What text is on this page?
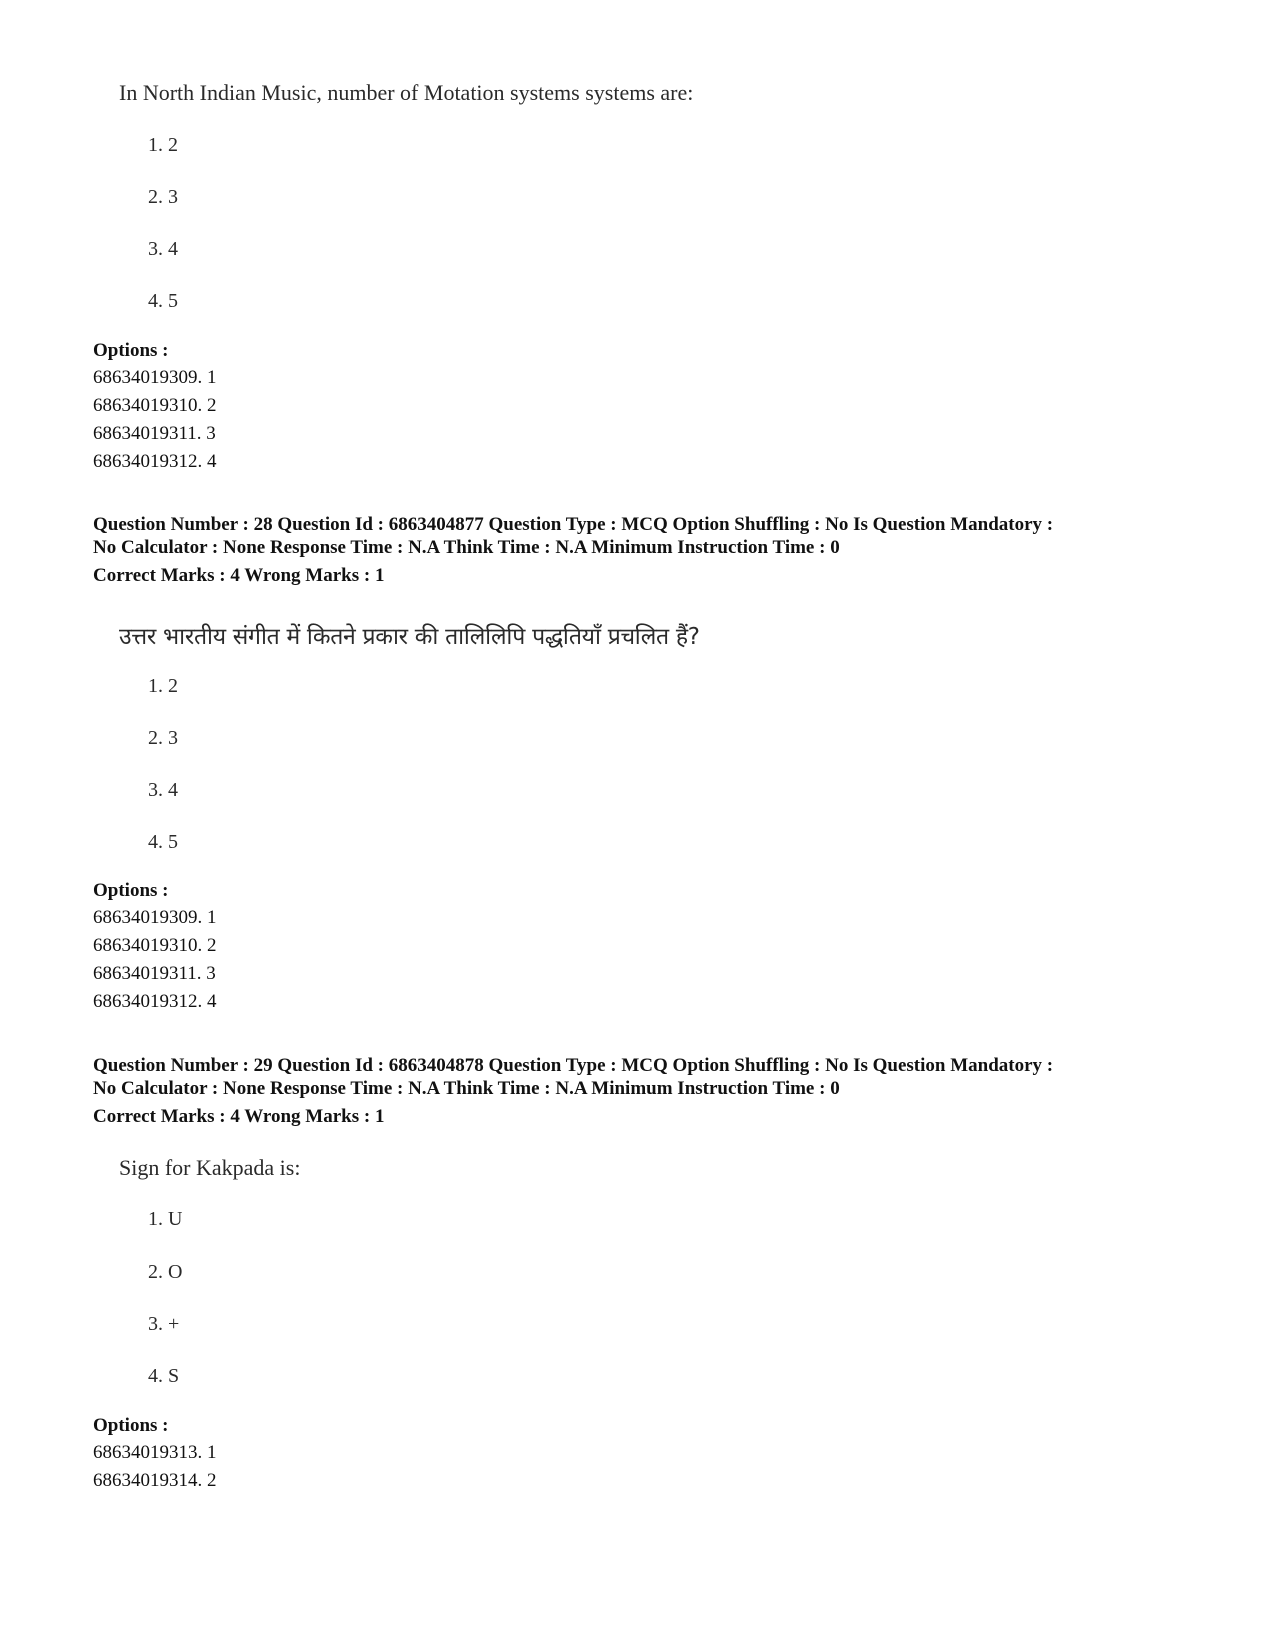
In North Indian Music, number of Motation systems systems are:
1. 2
2. 3
3. 4
4. 5
Options :
68634019309. 1
68634019310. 2
68634019311. 3
68634019312. 4
Question Number : 28 Question Id : 6863404877 Question Type : MCQ Option Shuffling : No Is Question Mandatory :
No Calculator : None Response Time : N.A Think Time : N.A Minimum Instruction Time : 0
Correct Marks : 4 Wrong Marks : 1
उत्तर भारतीय संगीत में कितने प्रकार की तालिलिपि पद्धतियाँ प्रचलित हैं?
1. 2
2. 3
3. 4
4. 5
Options :
68634019309. 1
68634019310. 2
68634019311. 3
68634019312. 4
Question Number : 29 Question Id : 6863404878 Question Type : MCQ Option Shuffling : No Is Question Mandatory :
No Calculator : None Response Time : N.A Think Time : N.A Minimum Instruction Time : 0
Correct Marks : 4 Wrong Marks : 1
Sign for Kakpada is:
1. U
2. O
3. +
4. S
Options :
68634019313. 1
68634019314. 2
